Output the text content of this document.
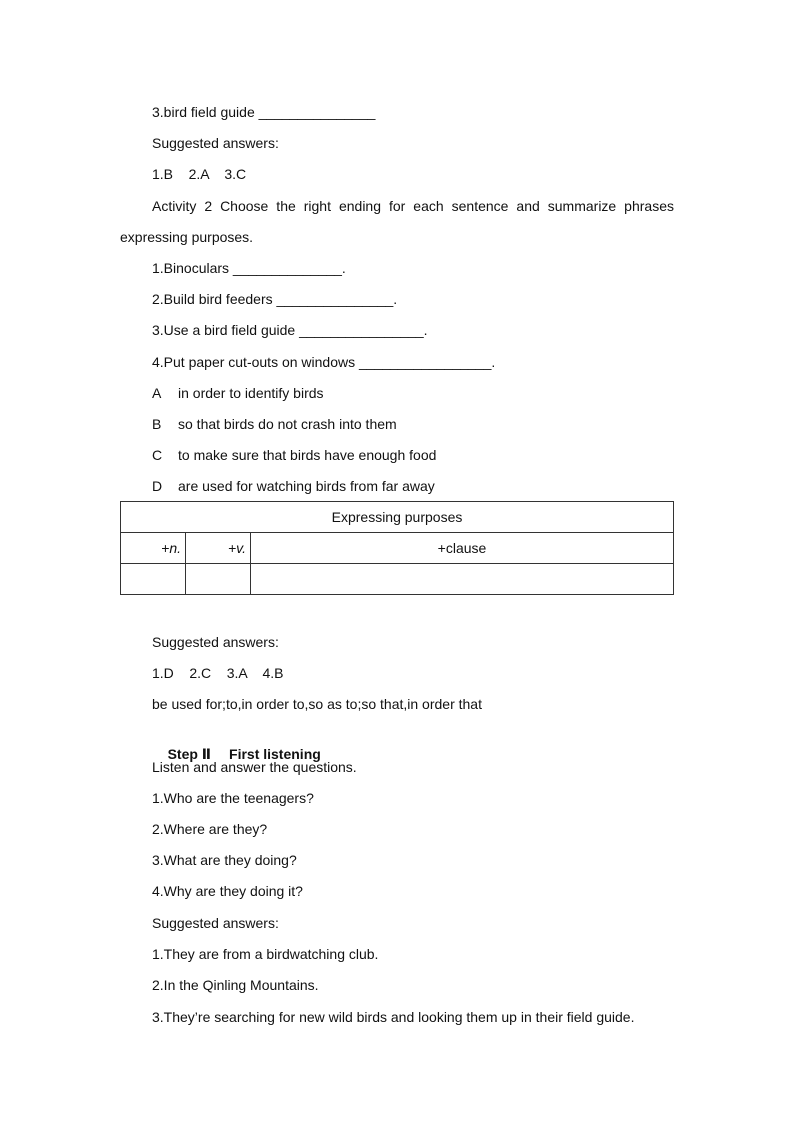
3.bird field guide _______________
Suggested answers:
1.B    2.A    3.C
Activity 2 Choose the right ending for each sentence and summarize phrases
expressing purposes.
1.Binoculars ______________.
2.Build bird feeders _______________.
3.Use a bird field guide ________________.
4.Put paper cut-outs on windows _________________.
A in order to identify birds
B so that birds do not crash into them
C to make sure that birds have enough food
D are used for watching birds from far away
Expressing purposes		
+n.	+v.	+clause

Suggested answers:
1.D    2.C    3.A    4.B
be used for;to,in order to,so as to;so that,in order that

Step Ⅱ First listening

Listen and answer the questions.
1.Who are the teenagers?
2.Where are they?
3.What are they doing?
4.Why are they doing it?
Suggested answers:
1.They are from a birdwatching club.
2.In the Qinling Mountains.
3.They’re searching for new wild birds and looking them up in their field guide.
